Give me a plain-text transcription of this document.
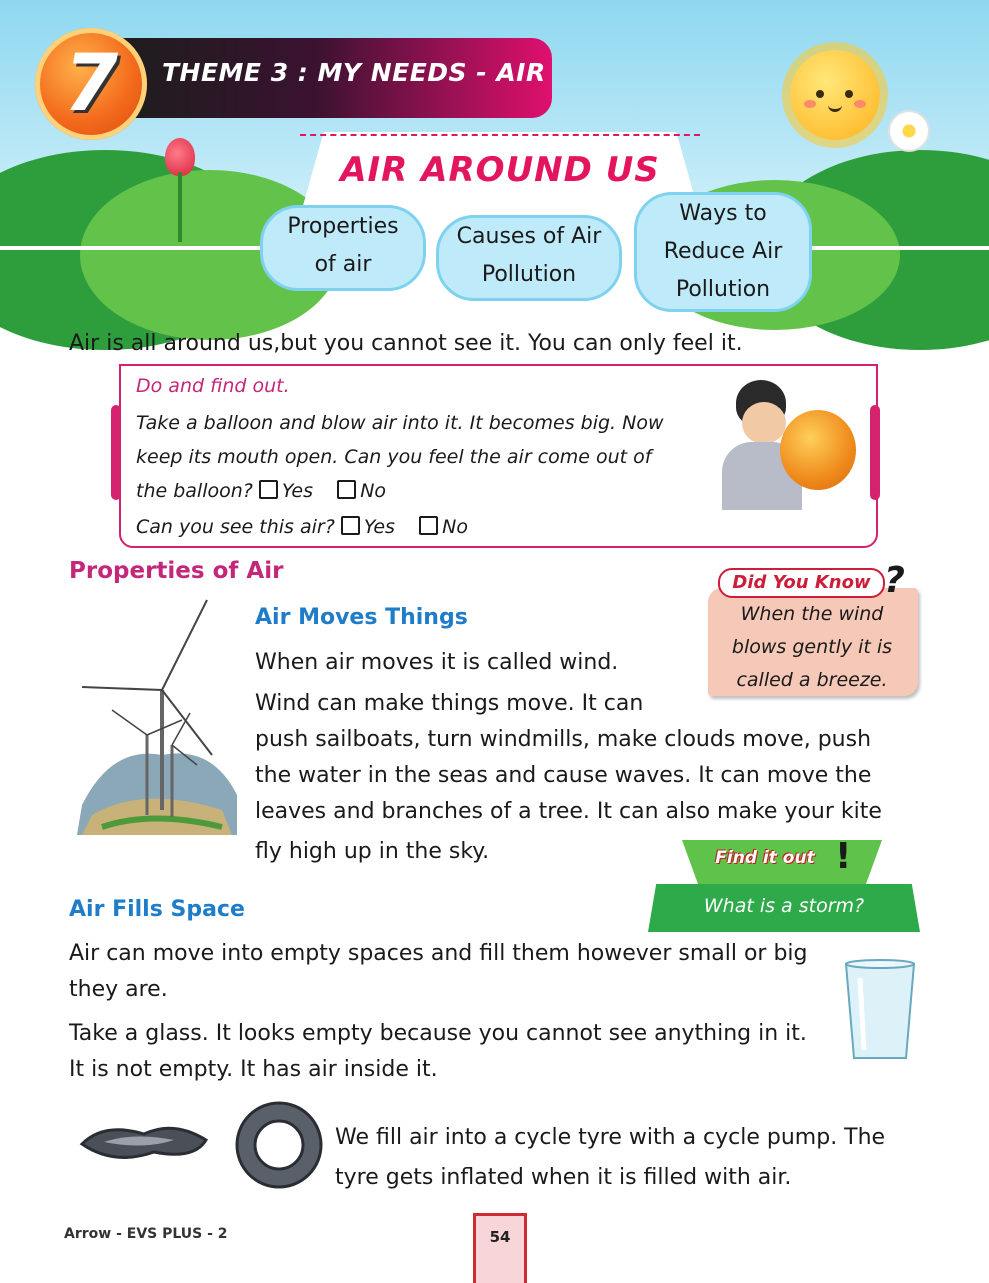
THEME 3 : MY NEEDS - AIR
7
AIR AROUND US
Properties
of air
Causes of Air
Pollution
Ways to
Reduce Air
Pollution
Air is all around us,but you cannot see it. You can only feel it.
Do and find out.
Take a balloon and blow air into it. It becomes big. Now
keep its mouth open. Can you feel the air come out of
the balloon? Yes No
Can you see this air? Yes No
Properties of Air
Air Moves Things
When air moves it is called wind.
Wind can make things move. It can
push sailboats, turn windmills, make clouds move, push
the water in the seas and cause waves. It can move the
leaves and branches of a tree. It can also make your kite
fly high up in the sky.
Did You Know ?
When the wind
blows gently it is
called a breeze.
Find it out !
What is a storm?
Air Fills Space
Air can move into empty spaces and fill them however small or big
they are.
Take a glass. It looks empty because you cannot see anything in it.
It is not empty. It has air inside it.
We fill air into a cycle tyre with a cycle pump. The
tyre gets inflated when it is filled with air.
Arrow - EVS PLUS - 2	54
